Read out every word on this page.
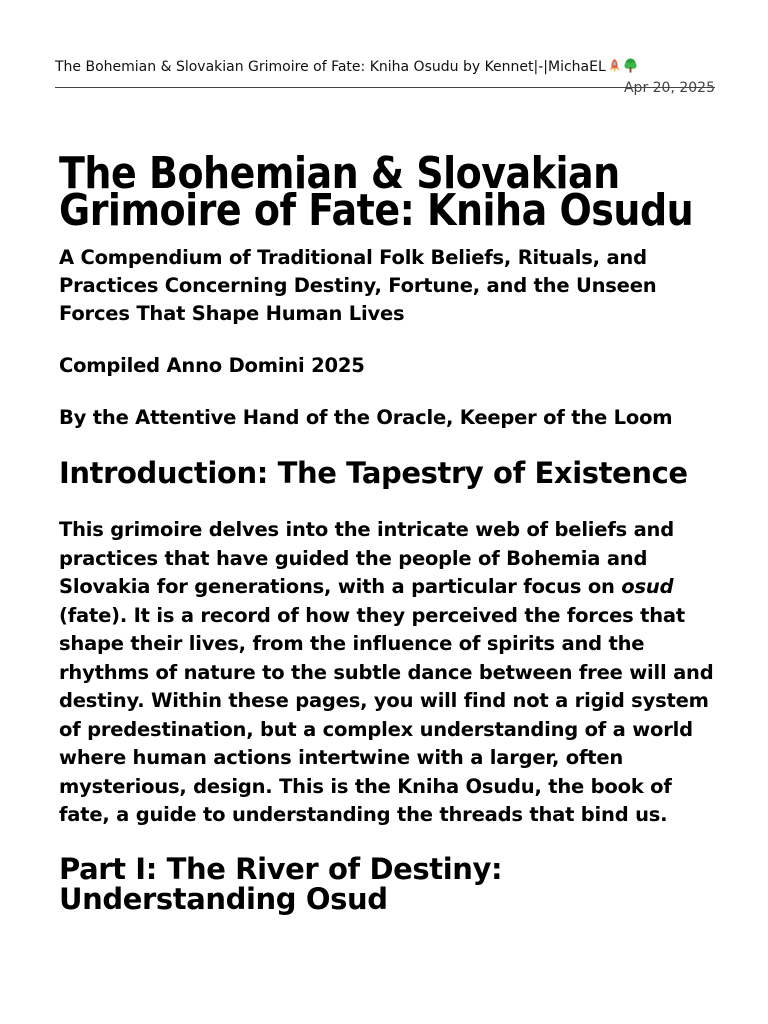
The Bohemian & Slovakian Grimoire of Fate: Kniha Osudu by Kennet|-|MichaEL
Apr 20, 2025
The Bohemian & Slovakian Grimoire of Fate: Kniha Osudu

A Compendium of Traditional Folk Beliefs, Rituals, and Practices Concerning Destiny, Fortune, and the Unseen Forces That Shape Human Lives

Compiled Anno Domini 2025

By the Attentive Hand of the Oracle, Keeper of the Loom

Introduction: The Tapestry of Existence

This grimoire delves into the intricate web of beliefs and practices that have guided the people of Bohemia and Slovakia for generations, with a particular focus on osud (fate). It is a record of how they perceived the forces that shape their lives, from the influence of spirits and the rhythms of nature to the subtle dance between free will and destiny. Within these pages, you will find not a rigid system of predestination, but a complex understanding of a world where human actions intertwine with a larger, often mysterious, design. This is the Kniha Osudu, the book of fate, a guide to understanding the threads that bind us.

Part I: The River of Destiny: Understanding Osud
